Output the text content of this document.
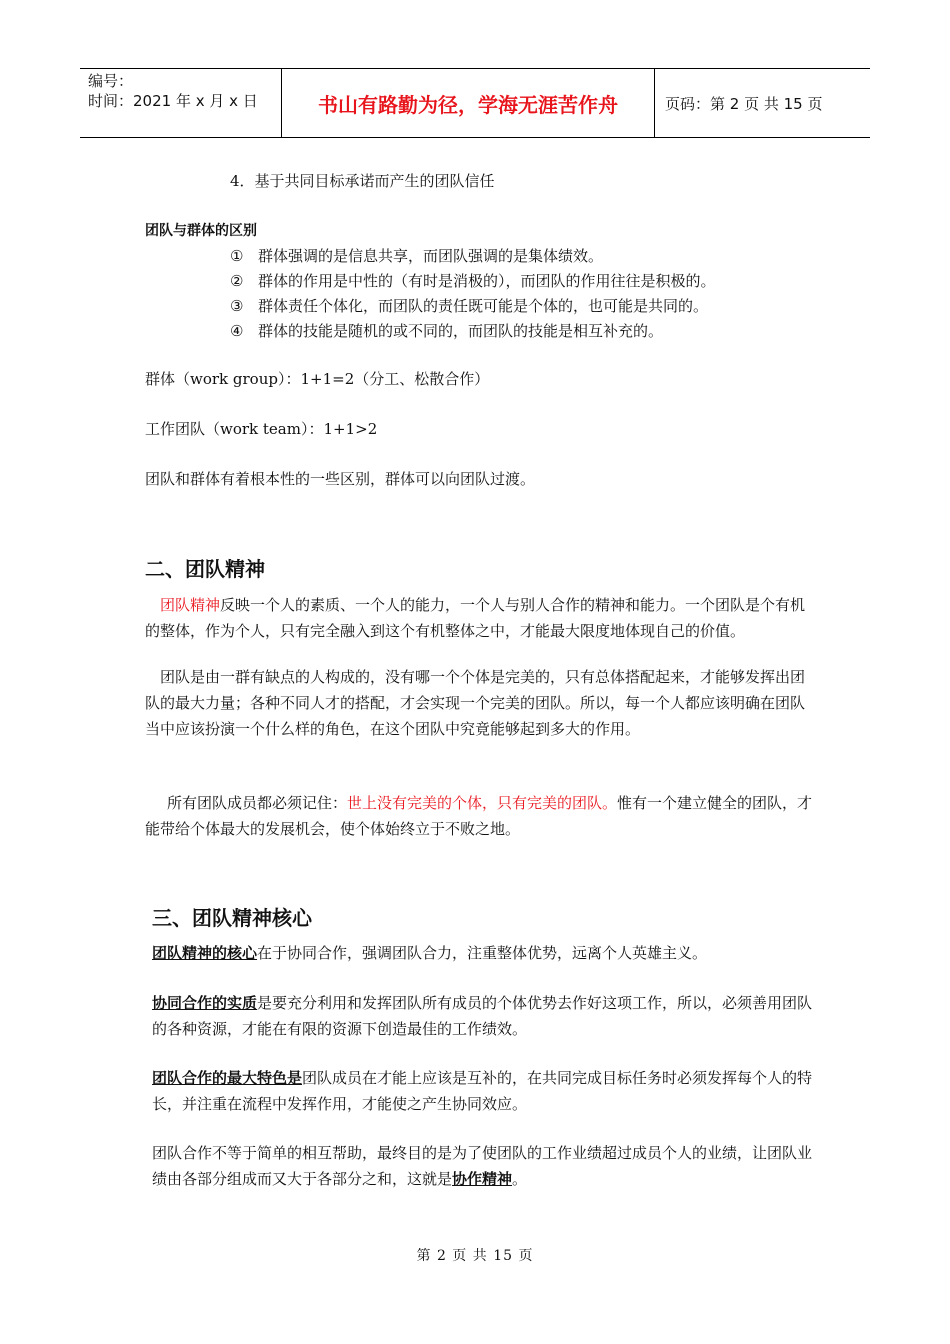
编号：
时间：2021 年 x 月 x 日	书山有路勤为径，学海无涯苦作舟	页码：第 2 页 共 15 页
4．基于共同目标承诺而产生的团队信任
团队与群体的区别
① 群体强调的是信息共享，而团队强调的是集体绩效。
② 群体的作用是中性的（有时是消极的），而团队的作用往往是积极的。
③ 群体责任个体化，而团队的责任既可能是个体的，也可能是共同的。
④ 群体的技能是随机的或不同的，而团队的技能是相互补充的。
群体（work group）：1+1=2（分工、松散合作）
工作团队（work team）：1+1>2
团队和群体有着根本性的一些区别，群体可以向团队过渡。
二、团队精神
团队精神反映一个人的素质、一个人的能力，一个人与别人合作的精神和能力。一个团队是个有机的整体，作为个人，只有完全融入到这个有机整体之中，才能最大限度地体现自己的价值。
团队是由一群有缺点的人构成的，没有哪一个个体是完美的，只有总体搭配起来，才能够发挥出团队的最大力量；各种不同人才的搭配，才会实现一个完美的团队。所以，每一个人都应该明确在团队当中应该扮演一个什么样的角色，在这个团队中究竟能够起到多大的作用。
所有团队成员都必须记住：世上没有完美的个体，只有完美的团队。惟有一个建立健全的团队，才能带给个体最大的发展机会，使个体始终立于不败之地。
三、团队精神核心
团队精神的核心在于协同合作，强调团队合力，注重整体优势，远离个人英雄主义。
协同合作的实质是要充分利用和发挥团队所有成员的个体优势去作好这项工作，所以，必须善用团队的各种资源，才能在有限的资源下创造最佳的工作绩效。
团队合作的最大特色是团队成员在才能上应该是互补的，在共同完成目标任务时必须发挥每个人的特长，并注重在流程中发挥作用，才能使之产生协同效应。
团队合作不等于简单的相互帮助，最终目的是为了使团队的工作业绩超过成员个人的业绩，让团队业绩由各部分组成而又大于各部分之和，这就是协作精神。
第 2 页 共 15 页
